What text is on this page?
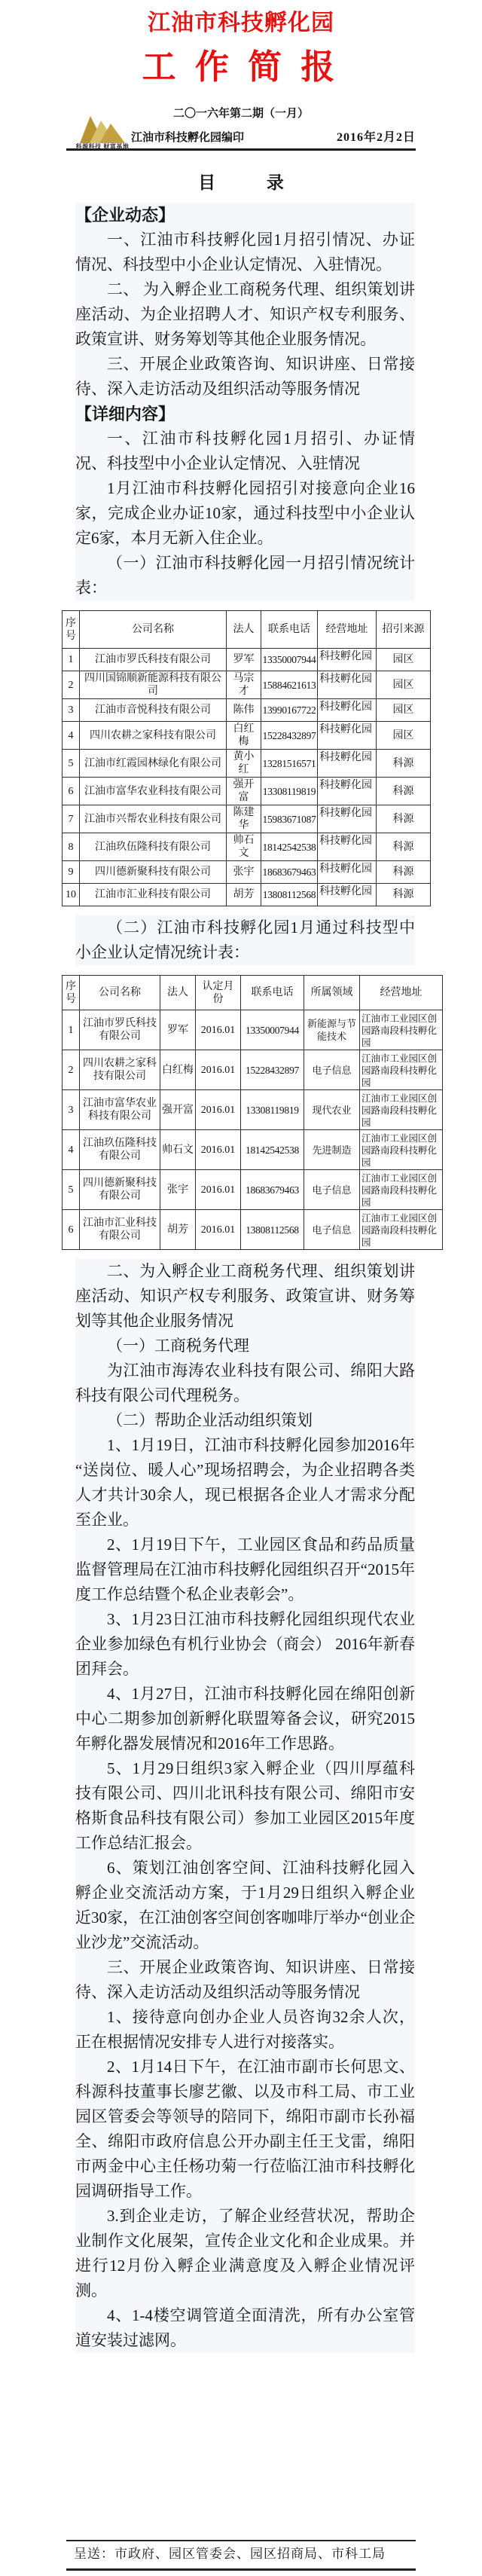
江油市科技孵化园
工 作 简 报
二〇一六年第二期（一月）
江油市科技孵化园编印	2016年2月2日
科源科技 财富基地
目 录

【企业动态】

一、江油市科技孵化园1月招引情况、办证情况、科技型中小企业认定情况、入驻情况。

二、 为入孵企业工商税务代理、组织策划讲座活动、为企业招聘人才、知识产权专利服务、政策宣讲、财务筹划等其他企业服务情况。

三、开展企业政策咨询、知识讲座、日常接待、深入走访活动及组织活动等服务情况

【详细内容】

一、江油市科技孵化园1月招引、办证情况、科技型中小企业认定情况、入驻情况

1月江油市科技孵化园招引对接意向企业16家，完成企业办证10家，通过科技型中小企业认定6家，本月无新入住企业。

（一）江油市科技孵化园一月招引情况统计表：

序号	公司名称	法人	联系电话	经营地址	招引来源
1	江油市罗氏科技有限公司	罗军	13350007944	科技孵化园	园区
2	四川国锦顺新能源科技有限公司	马宗才	15884621613	科技孵化园	园区
3	江油市音悦科技有限公司	陈伟	13990167722	科技孵化园	园区
4	四川农耕之家科技有限公司	白红梅	15228432897	科技孵化园	园区
5	江油市红霞园林绿化有限公司	黄小红	13281516571	科技孵化园	科源
6	江油市富华农业科技有限公司	强开富	13308119819	科技孵化园	科源
7	江油市兴帮农业科技有限公司	陈建华	15983671087	科技孵化园	科源
8	江油玖伍隆科技有限公司	帅石文	18142542538	科技孵化园	科源
9	四川德新聚科技有限公司	张宇	18683679463	科技孵化园	科源
10	江油市汇业科技有限公司	胡芳	13808112568	科技孵化园	科源

（二）江油市科技孵化园1月通过科技型中小企业认定情况统计表：

序号	公司名称	法人	认定月份	联系电话	所属领域	经营地址
1	江油市罗氏科技有限公司	罗军	2016.01	13350007944	新能源与节能技术	江油市工业园区创园路南段科技孵化园
2	四川农耕之家科技有限公司	白红梅	2016.01	15228432897	电子信息	江油市工业园区创园路南段科技孵化园
3	江油市富华农业科技有限公司	强开富	2016.01	13308119819	现代农业	江油市工业园区创园路南段科技孵化园
4	江油玖伍隆科技有限公司	帅石文	2016.01	18142542538	先进制造	江油市工业园区创园路南段科技孵化园
5	四川德新聚科技有限公司	张宇	2016.01	18683679463	电子信息	江油市工业园区创园路南段科技孵化园
6	江油市汇业科技有限公司	胡芳	2016.01	13808112568	电子信息	江油市工业园区创园路南段科技孵化园

二、为入孵企业工商税务代理、组织策划讲座活动、知识产权专利服务、政策宣讲、财务筹划等其他企业服务情况

（一）工商税务代理

为江油市海涛农业科技有限公司、绵阳大路科技有限公司代理税务。

（二）帮助企业活动组织策划

1、1月19日，江油市科技孵化园参加2016年“送岗位、暖人心”现场招聘会，为企业招聘各类人才共计30余人，现已根据各企业人才需求分配至企业。

2、1月19日下午，工业园区食品和药品质量监督管理局在江油市科技孵化园组织召开“2015年度工作总结暨个私企业表彰会”。

3、1月23日江油市科技孵化园组织现代农业企业参加绿色有机行业协会（商会） 2016年新春团拜会。

4、1月27日，江油市科技孵化园在绵阳创新中心二期参加创新孵化联盟筹备会议，研究2015年孵化器发展情况和2016年工作思路。

5、1月29日组织3家入孵企业（四川厚蕴科技有限公司、四川北讯科技有限公司、绵阳市安格斯食品科技有限公司）参加工业园区2015年度工作总结汇报会。

6、策划江油创客空间、江油科技孵化园入孵企业交流活动方案，于1月29日组织入孵企业近30家，在江油创客空间创客咖啡厅举办“创业企业沙龙”交流活动。

三、开展企业政策咨询、知识讲座、日常接待、深入走访活动及组织活动等服务情况

1、接待意向创办企业人员咨询32余人次，正在根据情况安排专人进行对接落实。

2、1月14日下午，在江油市副市长何思文、科源科技董事长廖艺徽、以及市科工局、市工业园区管委会等领导的陪同下，绵阳市副市长孙福全、绵阳市政府信息公开办副主任王戈雷，绵阳市两金中心主任杨功菊一行莅临江油市科技孵化园调研指导工作。

3.到企业走访，了解企业经营状况，帮助企业制作文化展架，宣传企业文化和企业成果。并进行12月份入孵企业满意度及入孵企业情况评测。

4、1-4楼空调管道全面清洗，所有办公室管道安装过滤网。

呈送：市政府、园区管委会、园区招商局、市科工局
